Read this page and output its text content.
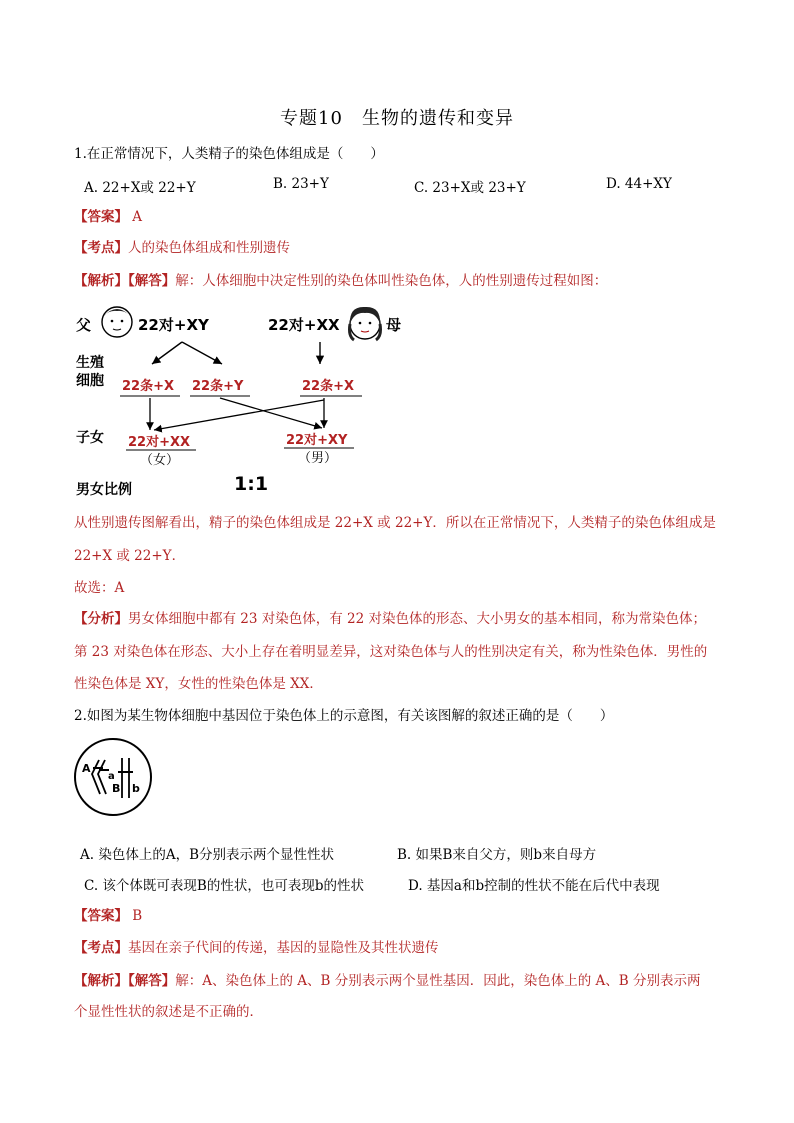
专题10　生物的遗传和变异
1.在正常情况下，人类精子的染色体组成是（　　）
A. 22+X或 22+Y	B. 23+Y	C. 23+X或 23+Y	D. 44+XY
【答案】 A
【考点】人的染色体组成和性别遗传
【解析】【解答】解：人体细胞中决定性别的染色体叫性染色体，人的性别遗传过程如图：
父	22对+XY	22对+XX	母
生殖
细胞
子女
男女比例
22条+X 22条+Y	22条+X
22对+XX
（女）
22对+XY
（男）
1:1
从性别遗传图解看出，精子的染色体组成是 22+X 或 22+Y．所以在正常情况下，人类精子的染色体组成是
22+X 或 22+Y．
故选：A
【分析】男女体细胞中都有 23 对染色体，有 22 对染色体的形态、大小男女的基本相同，称为常染色体；
第 23 对染色体在形态、大小上存在着明显差异，这对染色体与人的性别决定有关，称为性染色体．男性的
性染色体是 XY，女性的性染色体是 XX．
2.如图为某生物体细胞中基因位于染色体上的示意图，有关该图解的叙述正确的是（　　）
A
a
B b
A. 染色体上的A，B分别表示两个显性性状	B. 如果B来自父方，则b来自母方
C. 该个体既可表现B的性状，也可表现b的性状	D. 基因a和b控制的性状不能在后代中表现
【答案】 B
【考点】基因在亲子代间的传递，基因的显隐性及其性状遗传
【解析】【解答】解：A、染色体上的 A、B 分别表示两个显性基因．因此，染色体上的 A、B 分别表示两
个显性性状的叙述是不正确的．
